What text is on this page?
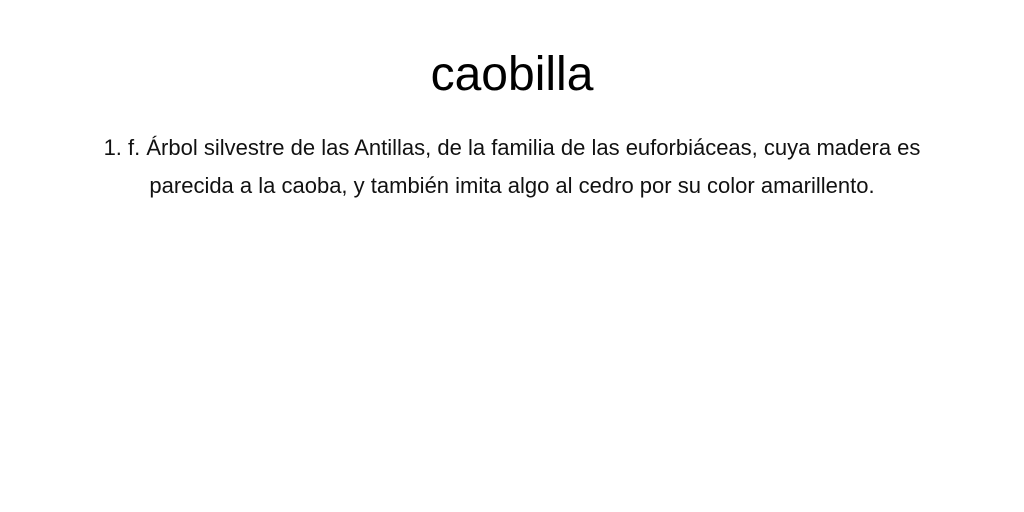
caobilla

1. f. Árbol silvestre de las Antillas, de la familia de las euforbiáceas, cuya madera es parecida a la caoba, y también imita algo al cedro por su color amarillento.
